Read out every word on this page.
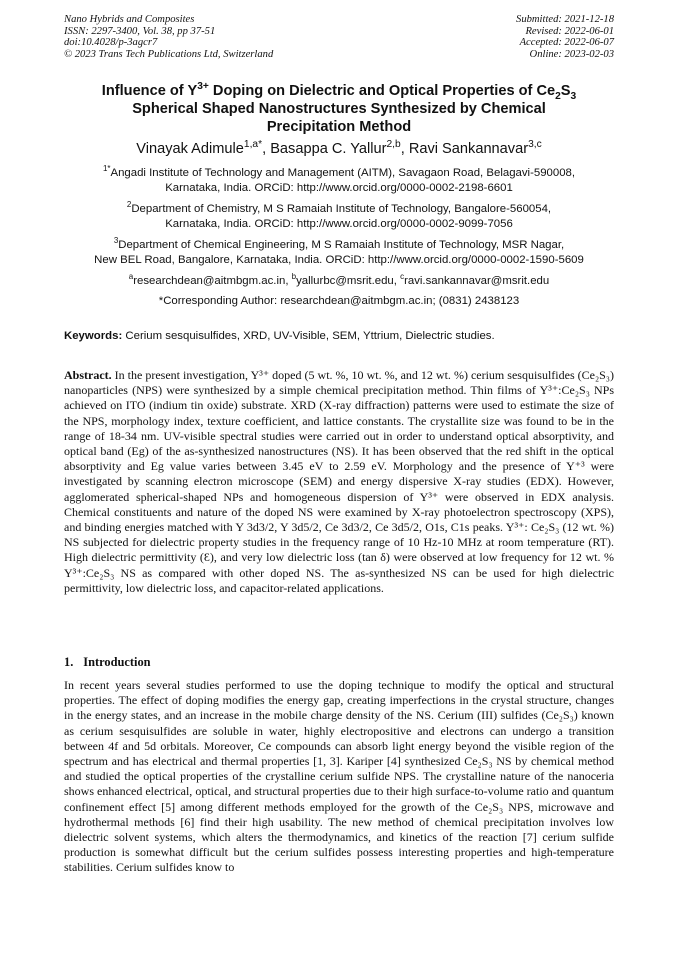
Nano Hybrids and Composites
ISSN: 2297-3400, Vol. 38, pp 37-51
doi:10.4028/p-3agcr7
© 2023 Trans Tech Publications Ltd, Switzerland
Submitted: 2021-12-18
Revised: 2022-06-01
Accepted: 2022-06-07
Online: 2023-02-03
Influence of $Y^{3+}$ Doping on Dielectric and Optical Properties of $Ce_2S_3$
Spherical Shaped Nanostructures Synthesized by Chemical
Precipitation Method
Vinayak Adimule$^{1,a*}$, Basappa C. Yallur$^{2,b}$, Ravi Sankannavar$^{3,c}$
$^{1*}$Angadi Institute of Technology and Management (AITM), Savagaon Road, Belagavi-590008,
Karnataka, India. ORCiD: http://www.orcid.org/0000-0002-2198-6601
$^2$Department of Chemistry, M S Ramaiah Institute of Technology, Bangalore-560054,
Karnataka, India. ORCiD: http://www.orcid.org/0000-0002-9099-7056
$^3$Department of Chemical Engineering, M S Ramaiah Institute of Technology, MSR Nagar,
New BEL Road, Bangalore, Karnataka, India. ORCiD: http://www.orcid.org/0000-0002-1590-5609
$^a$researchdean@aitmbgm.ac.in, $^b$yallurbc@msrit.edu, $^c$ravi.sankannavar@msrit.edu
*Corresponding Author: researchdean@aitmbgm.ac.in; (0831) 2438123
Keywords: Cerium sesquisulfides, XRD, UV-Visible, SEM, Yttrium, Dielectric studies.
Abstract. In the present investigation, Y³⁺ doped (5 wt. %, 10 wt. %, and 12 wt. %) cerium sesquisulfides (Ce₂S₃) nanoparticles (NPS) were synthesized by a simple chemical precipitation method. Thin films of Y³⁺:Ce₂S₃ NPs achieved on ITO (indium tin oxide) substrate. XRD (X-ray diffraction) patterns were used to estimate the size of the NPS, morphology index, texture coefficient, and lattice constants. The crystallite size was found to be in the range of 18-34 nm. UV-visible spectral studies were carried out in order to understand optical absorptivity, and optical band (Eg) of the as-synthesized nanostructures (NS). It has been observed that the red shift in the optical absorptivity and Eg value varies between 3.45 eV to 2.59 eV. Morphology and the presence of Y⁺³ were investigated by scanning electron microscope (SEM) and energy dispersive X-ray studies (EDX). However, agglomerated spherical-shaped NPs and homogeneous dispersion of Y³⁺ were observed in EDX analysis. Chemical constituents and nature of the doped NS were examined by X-ray photoelectron spectroscopy (XPS), and binding energies matched with Y 3d3/2, Y 3d5/2, Ce 3d3/2, Ce 3d5/2, O1s, C1s peaks. Y³⁺: Ce₂S₃ (12 wt. %) NS subjected for dielectric property studies in the frequency range of 10 Hz-10 MHz at room temperature (RT). High dielectric permittivity (Ɛ), and very low dielectric loss (tan δ) were observed at low frequency for 12 wt. % Y³⁺:Ce₂S₃ NS as compared with other doped NS. The as-synthesized NS can be used for high dielectric permittivity, low dielectric loss, and capacitor-related applications.
1. Introduction
In recent years several studies performed to use the doping technique to modify the optical and structural properties. The effect of doping modifies the energy gap, creating imperfections in the crystal structure, changes in the energy states, and an increase in the mobile charge density of the NS. Cerium (III) sulfides (Ce₂S₃) known as cerium sesquisulfides are soluble in water, highly electropositive and electrons can undergo a transition between 4f and 5d orbitals. Moreover, Ce compounds can absorb light energy beyond the visible region of the spectrum and has electrical and thermal properties [1, 3]. Kariper [4] synthesized Ce₂S₃ NS by chemical method and studied the optical properties of the crystalline cerium sulfide NPS. The crystalline nature of the nanoceria shows enhanced electrical, optical, and structural properties due to their high surface-to-volume ratio and quantum confinement effect [5] among different methods employed for the growth of the Ce₂S₃ NPS, microwave and hydrothermal methods [6] find their high usability. The new method of chemical precipitation involves low dielectric solvent systems, which alters the thermodynamics, and kinetics of the reaction [7] cerium sulfide production is somewhat difficult but the cerium sulfides possess interesting properties and high-temperature stabilities. Cerium sulfides know to
